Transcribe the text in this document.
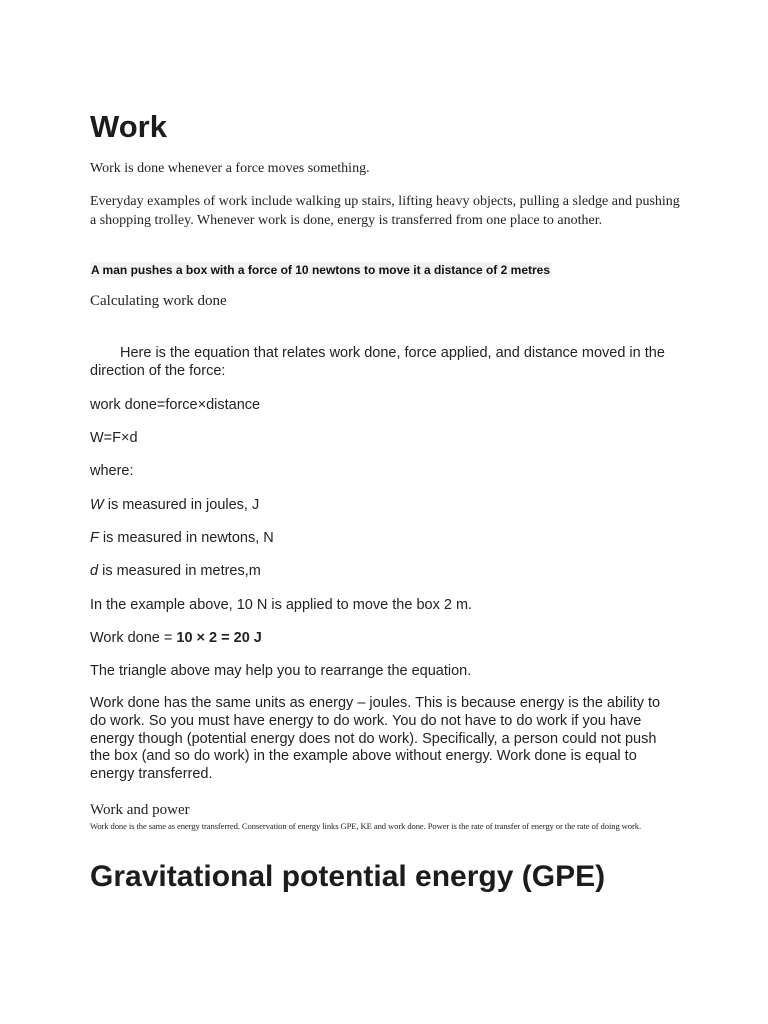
Work

Work is done whenever a force moves something.

Everyday examples of work include walking up stairs, lifting heavy objects, pulling a sledge and pushing a shopping trolley. Whenever work is done, energy is transferred from one place to another.

A man pushes a box with a force of 10 newtons to move it a distance of 2 metres

Calculating work done

Here is the equation that relates work done, force applied, and distance moved in the direction of the force:

work done=force×distance

W=F×d

where:

W is measured in joules, J

F is measured in newtons, N

d is measured in metres,m

In the example above, 10 N is applied to move the box 2 m.

Work done = 10 × 2 = 20 J

The triangle above may help you to rearrange the equation.

Work done has the same units as energy – joules. This is because energy is the ability to do work. So you must have energy to do work. You do not have to do work if you have energy though (potential energy does not do work). Specifically, a person could not push the box (and so do work) in the example above without energy. Work done is equal to energy transferred.

Work and power

Work done is the same as energy transferred. Conservation of energy links GPE, KE and work done. Power is the rate of transfer of energy or the rate of doing work.

Gravitational potential energy (GPE)
